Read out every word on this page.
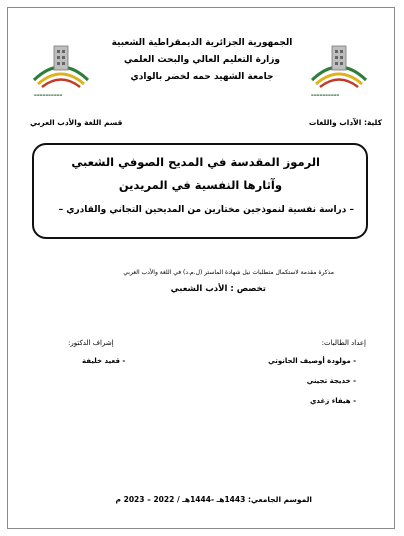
▬▬▬▬▬▬▬▬▬▬	▬▬▬▬▬▬▬▬▬▬
الجمهورية الجزائرية الديمقراطية الشعبية
وزارة التعليم العالي والبحث العلمي
جامعة الشهيد حمه لخضر بالوادي
كلية: الآداب واللغات
قسم اللغة والأدب العربي
الرموز المقدسة في المديح الصوفي الشعبي
وآثارها النفسية في المريدين
– دراسة نفسية لنموذجين مختارين من المديحين التجاني والقادري –
مذكرة مقدمة لاستكمال متطلبات نيل شهادة الماستر (ل.م.د) في اللغة والأدب العربي
تخصص : الأدب الشعبي
إعداد الطالبات:
- مولودة أوصيف الحانوتي
- خديجة تجيني
- هيفاء زغدي
إشراف الدكتور:
- قعيد خليفة
الموسم الجامعي: 1443هـ -1444هـ / 2022 – 2023 م
